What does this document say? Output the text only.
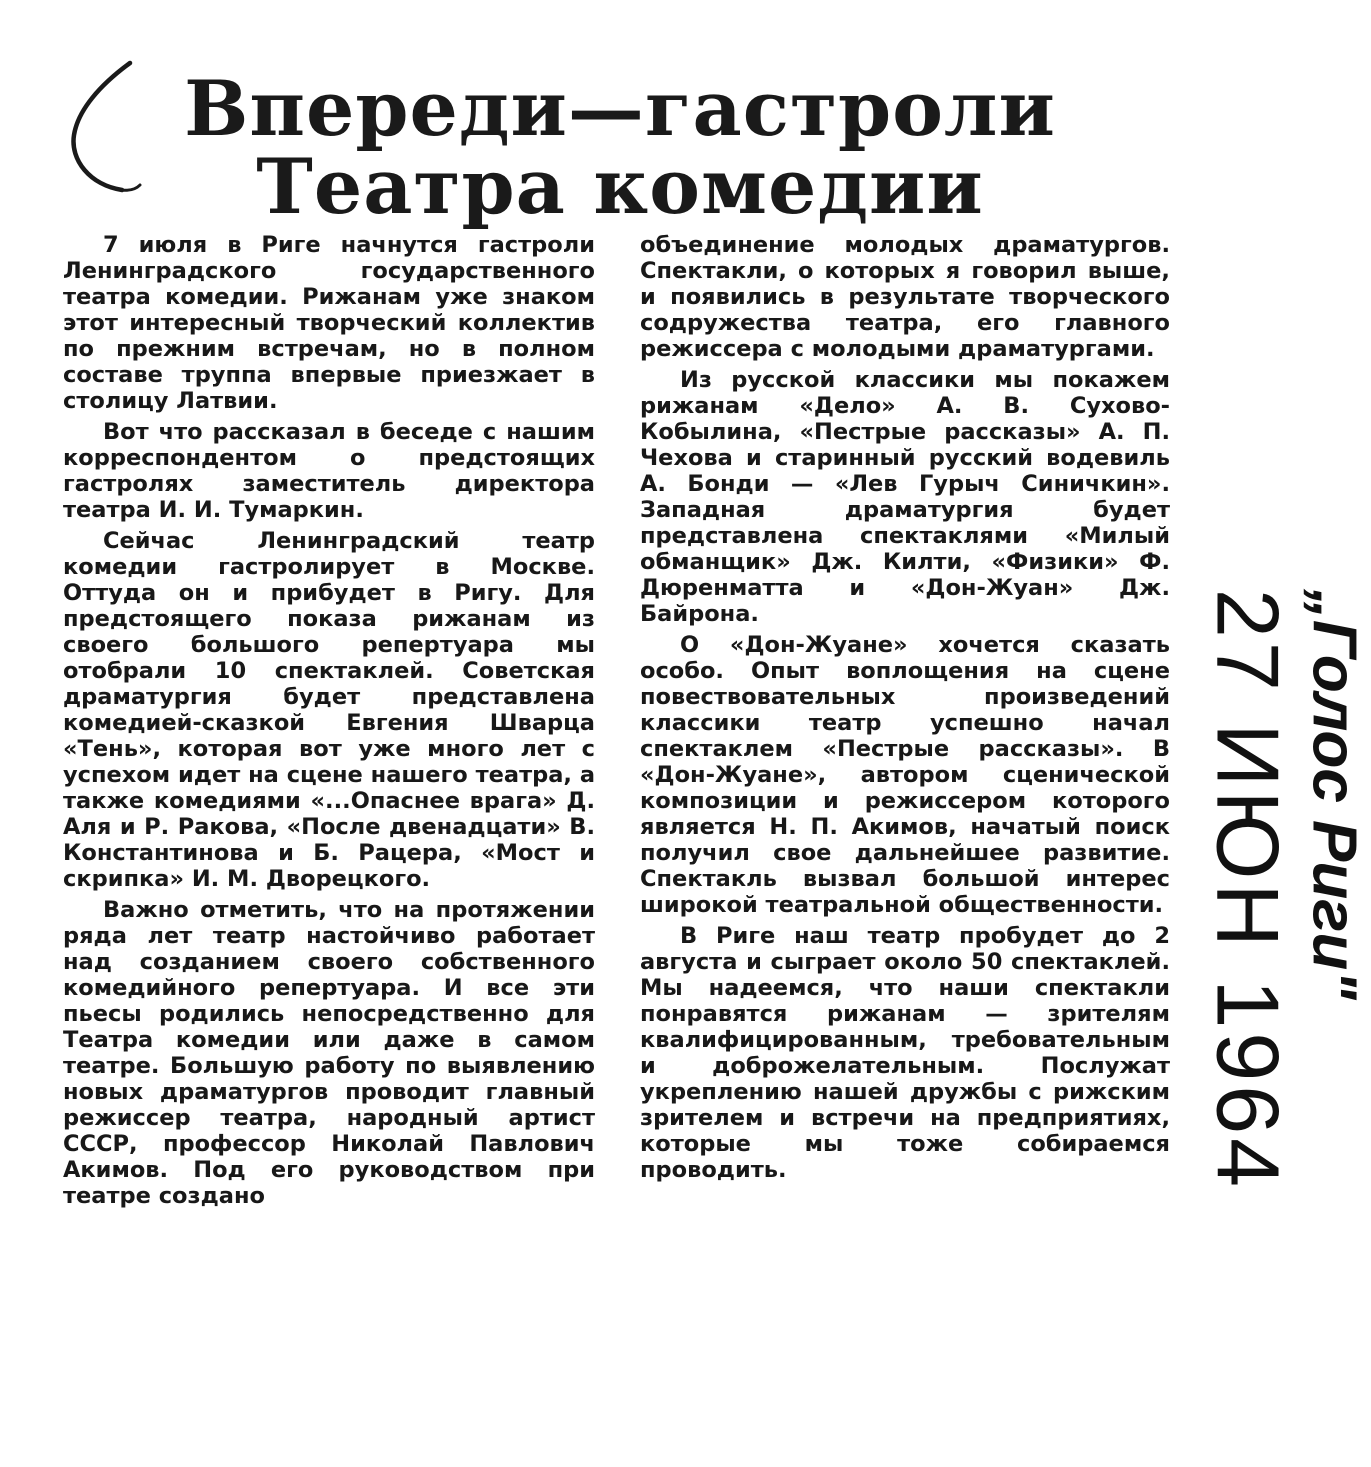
Впереди—гастроли
Театра комедии

7 июля в Риге начнутся гастроли Ленинградского государственного театра комедии. Рижанам уже знаком этот интересный творческий коллектив по прежним встречам, но в полном составе труппа впервые приезжает в столицу Латвии.

Вот что рассказал в беседе с нашим корреспондентом о предстоящих гастролях заместитель директора театра И. И. Тумаркин.

Сейчас Ленинградский театр комедии гастролирует в Москве. Оттуда он и прибудет в Ригу. Для предстоящего показа рижанам из своего большого репертуара мы отобрали 10 спектаклей. Советская драматургия будет представлена комедией-сказкой Евгения Шварца «Тень», которая вот уже много лет с успехом идет на сцене нашего театра, а также комедиями «...Опаснее врага» Д. Аля и Р. Ракова, «После двенадцати» В. Константинова и Б. Рацера, «Мост и скрипка» И. М. Дворецкого.

Важно отметить, что на протяжении ряда лет театр настойчиво работает над созданием своего собственного комедийного репертуара. И все эти пьесы родились непосредственно для Театра комедии или даже в самом театре. Большую работу по выявлению новых драматургов проводит главный режиссер театра, народный артист СССР, профессор Николай Павлович Акимов. Под его руководством при театре создано

объединение молодых драматургов. Спектакли, о которых я говорил выше, и появились в результате творческого содружества театра, его главного режиссера с молодыми драматургами.

Из русской классики мы покажем рижанам «Дело» А. В. Сухово-Кобылина, «Пестрые рассказы» А. П. Чехова и старинный русский водевиль А. Бонди — «Лев Гурыч Синичкин». Западная драматургия будет представлена спектаклями «Милый обманщик» Дж. Килти, «Физики» Ф. Дюренматта и «Дон-Жуан» Дж. Байрона.

О «Дон-Жуане» хочется сказать особо. Опыт воплощения на сцене повествовательных произведений классики театр успешно начал спектаклем «Пестрые рассказы». В «Дон-Жуане», автором сценической композиции и режиссером которого является Н. П. Акимов, начатый поиск получил свое дальнейшее развитие. Спектакль вызвал большой интерес широкой театральной общественности.

В Риге наш театр пробудет до 2 августа и сыграет около 50 спектаклей. Мы надеемся, что наши спектакли понравятся рижанам — зрителям квалифицированным, требовательным и доброжелательным. Послужат укреплению нашей дружбы с рижским зрителем и встречи на предприятиях, которые мы тоже собираемся проводить.

„Голос Риги"
27 ИЮН 1964
